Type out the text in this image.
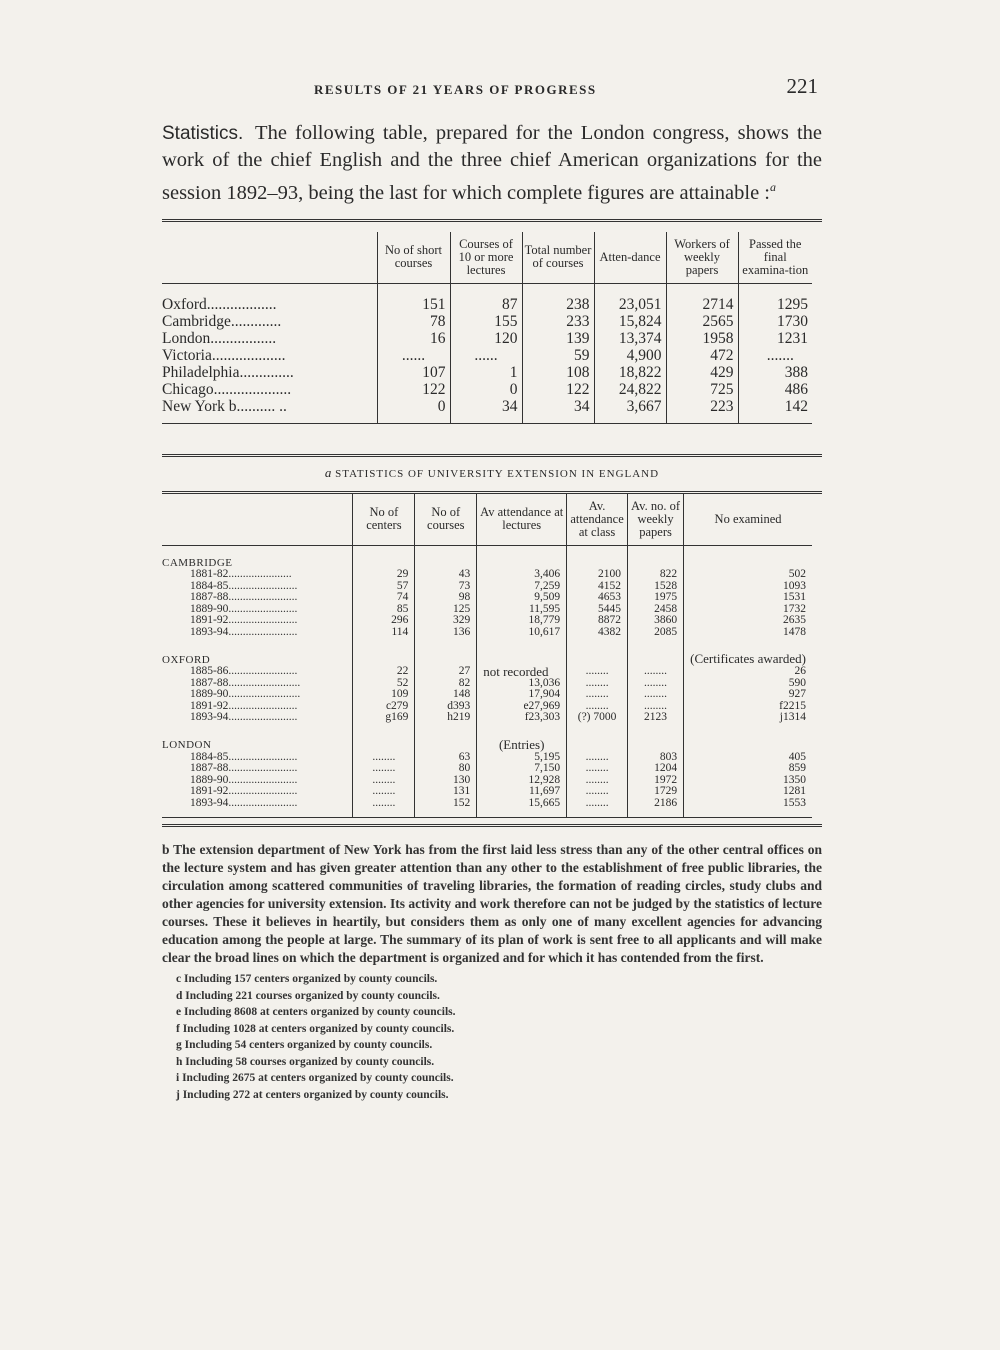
RESULTS OF 21 YEARS OF PROGRESS	221
Statistics. The following table, prepared for the London congress, shows the work of the chief English and the three chief American organizations for the session 1892–93, being the last for which complete figures are attainable :$^a$
	No of short courses	Courses of 10 or more lectures	Total number of courses	Atten-dance	Workers of weekly papers	Passed the final examina-tion
Oxford..................	151	87	238	23,051	2714	1295
Cambridge.............	78	155	233	15,824	2565	1730
London.................	16	120	139	13,374	1958	1231
Victoria...................	......	......	59	4,900	472	.......
Philadelphia..............	107	1	108	18,822	429	388
Chicago....................	122	0	122	24,822	725	486
New York b.......... ..	0	34	34	3,667	223	142
a STATISTICS OF UNIVERSITY EXTENSION IN ENGLAND
	No of centers	No of courses	Av attendance at lectures	Av. attendance at class	Av. no. of weekly papers	No examined
CAMBRIDGE						
1881-82......................	29	43	3,406	2100	822	502
1884-85........................	57	73	7,259	4152	1528	1093
1887-88........................	74	98	9,509	4653	1975	1531
1889-90........................	85	125	11,595	5445	2458	1732
1891-92........................	296	329	18,779	8872	3860	2635
1893-94........................	114	136	10,617	4382	2085	1478
OXFORD						(Certificates awarded)
1885-86........................	22	27	not recorded	........	........	26
1887-88.........................	52	82	13,036	........	........	590
1889-90.........................	109	148	17,904	........	........	927
1891-92........................	c279	d393	e27,969	........	........	f2215
1893-94........................	g169	h219	f23,303	(?) 7000	2123	j1314
LONDON			(Entries)			
1884-85........................	........	63	5,195	........	803	405
1887-88........................	........	80	7,150	........	1204	859
1889-90........................	........	130	12,928	........	1972	1350
1891-92........................	........	131	11,697	........	1729	1281
1893-94........................	........	152	15,665	........	2186	1553
b The extension department of New York has from the first laid less stress than any of the other central offices on the lecture system and has given greater attention than any other to the establishment of free public libraries, the circulation among scattered communities of traveling libraries, the formation of reading circles, study clubs and other agencies for university extension. Its activity and work therefore can not be judged by the statistics of lecture courses. These it believes in heartily, but considers them as only one of many excellent agencies for advancing education among the people at large. The summary of its plan of work is sent free to all applicants and will make clear the broad lines on which the department is organized and for which it has contended from the first.
c Including 157 centers organized by county councils.
d Including 221 courses organized by county councils.
e Including 8608 at centers organized by county councils.
f Including 1028 at centers organized by county councils.
g Including 54 centers organized by county councils.
h Including 58 courses organized by county councils.
i Including 2675 at centers organized by county councils.
j Including 272 at centers organized by county councils.
